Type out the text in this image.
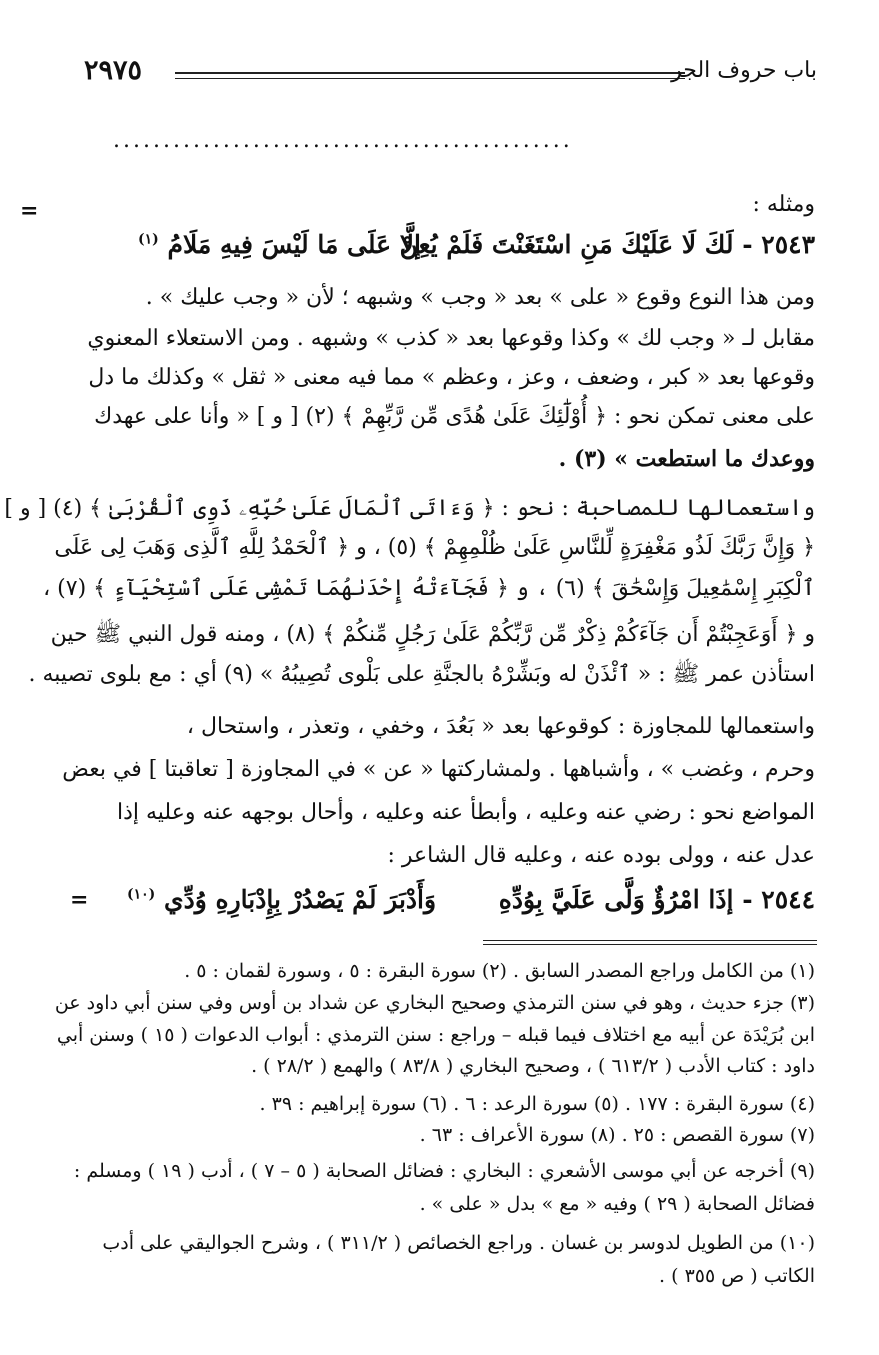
٢٩٧٥	باب حروف الجر
..............................................
=	ومثله :
٢٥٤٣ - لَكَ لَا عَلَيْكَ مَنِ اسْتَغَنْتَ فَلَمْ يُعِنْ
إلَّا عَلَى مَا لَيْسَ فِيهِ مَلَامُ $^{(١)}$
ومن هذا النوع وقوع « على » بعد « وجب » وشبهه ؛ لأن « وجب عليك » .
مقابل لـ « وجب لك » وكذا وقوعها بعد « كذب » وشبهه . ومن الاستعلاء المعنوي
وقوعها بعد « كبر ، وضعف ، وعز ، وعظم » مما فيه معنى « ثقل » وكذلك ما دل
على معنى تمكن نحو : ﴿ أُوْلَٰٓئِكَ عَلَىٰ هُدًى مِّن رَّبِّهِمْ ﴾ (٢) [ و ] « وأنا على عهدك
ووعدك ما استطعت » (٣) .
واستعمالها للمصاحبة : نحو : ﴿ وَءَاتَى ٱلْمَالَ عَلَىٰ حُبِّهِۦ ذَوِى ٱلْقُرْبَىٰ ﴾ (٤) [ و ]
﴿ وَإِنَّ رَبَّكَ لَذُو مَغْفِرَةٍ لِّلنَّاسِ عَلَىٰ ظُلْمِهِمْ ﴾ (٥) ، و ﴿ ٱلْحَمْدُ لِلَّهِ ٱلَّذِى وَهَبَ لِى عَلَى
ٱلْكِبَرِ إِسْمَٰعِيلَ وَإِسْحَٰقَ ﴾ (٦) ، و ﴿ فَجَآءَتْهُ إِحْدَىٰهُمَا تَمْشِى عَلَى ٱسْتِحْيَآءٍ ﴾ (٧) ،
و ﴿ أَوَعَجِبْتُمْ أَن جَآءَكُمْ ذِكْرٌ مِّن رَّبِّكُمْ عَلَىٰ رَجُلٍ مِّنكُمْ ﴾ (٨) ، ومنه قول النبي ﷺ حين
استأذن عمر ﷺ : « ٱئْذَنْ له وبَشِّرْهُ بالجنَّةِ على بَلْوى تُصِيبُهُ » (٩) أي : مع بلوى تصيبه .
واستعمالها للمجاوزة : كوقوعها بعد « بَعُدَ ، وخفي ، وتعذر ، واستحال ،
وحرم ، وغضب » ، وأشباهها . ولمشاركتها « عن » في المجاوزة [ تعاقبتا ] في بعض
المواضع نحو : رضي عنه وعليه ، وأبطأ عنه وعليه ، وأحال بوجهه عنه وعليه إذا
عدل عنه ، وولى بوده عنه ، وعليه قال الشاعر :
٢٥٤٤ - إذَا امْرُؤٌ وَلَّى عَلَيَّ بِوُدِّهِ
وَأَدْبَرَ لَمْ يَصْدُرْ بِإِدْبَارِهِ وُدِّي $^{(١٠)}$
=
(١) من الكامل وراجع المصدر السابق . (٢) سورة البقرة : ٥ ، وسورة لقمان : ٥ .
(٣) جزء حديث ، وهو في سنن الترمذي وصحيح البخاري عن شداد بن أوس وفي سنن أبي داود عن
ابن بُرَيْدَة عن أبيه مع اختلاف فيما قبله – وراجع : سنن الترمذي : أبواب الدعوات ( ١٥ ) وسنن أبي
داود : كتاب الأدب ( ٦١٣/٢ ) ، وصحيح البخاري ( ٨٣/٨ ) والهمع ( ٢٨/٢ ) .
(٤) سورة البقرة : ١٧٧ . (٥) سورة الرعد : ٦ . (٦) سورة إبراهيم : ٣٩ .
(٧) سورة القصص : ٢٥ . (٨) سورة الأعراف : ٦٣ .
(٩) أخرجه عن أبي موسى الأشعري : البخاري : فضائل الصحابة ( ٥ – ٧ ) ، أدب ( ١٩ ) ومسلم :
فضائل الصحابة ( ٢٩ ) وفيه « مع » بدل « على » .
(١٠) من الطويل لدوسر بن غسان . وراجع الخصائص ( ٣١١/٢ ) ، وشرح الجواليقي على أدب
الكاتب ( ص ٣٥٥ ) .
